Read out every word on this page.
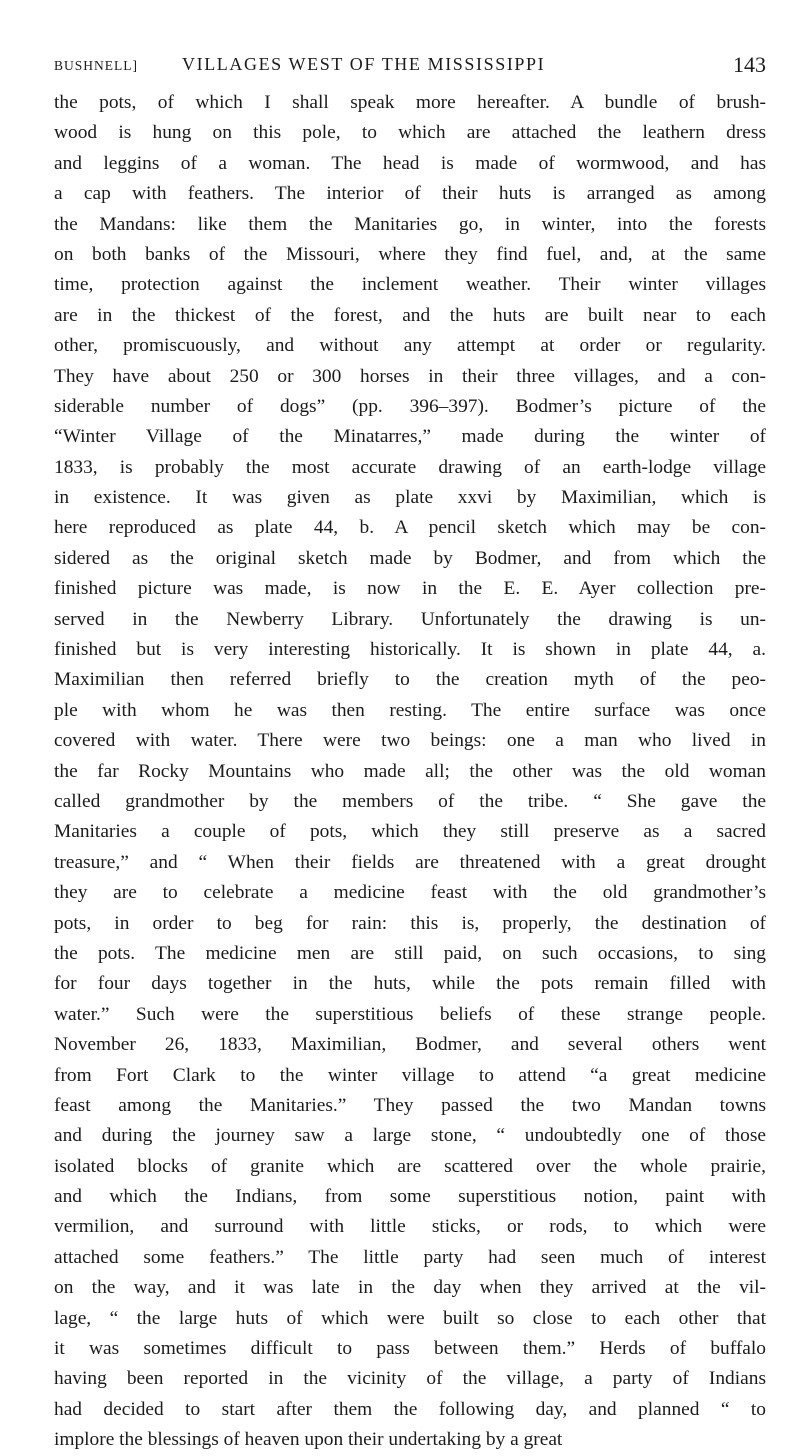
BUSHNELL] VILLAGES WEST OF THE MISSISSIPPI	143
the pots, of which I shall speak more hereafter. A bundle of brush-
wood is hung on this pole, to which are attached the leathern dress
and leggins of a woman. The head is made of wormwood, and has
a cap with feathers. The interior of their huts is arranged as among
the Mandans: like them the Manitaries go, in winter, into the forests
on both banks of the Missouri, where they find fuel, and, at the same
time, protection against the inclement weather. Their winter villages
are in the thickest of the forest, and the huts are built near to each
other, promiscuously, and without any attempt at order or regularity.
They have about 250 or 300 horses in their three villages, and a con-
siderable number of dogs” (pp. 396–397). Bodmer’s picture of the
“Winter Village of the Minatarres,” made during the winter of
1833, is probably the most accurate drawing of an earth-lodge village
in existence. It was given as plate xxvi by Maximilian, which is
here reproduced as plate 44, b. A pencil sketch which may be con-
sidered as the original sketch made by Bodmer, and from which the
finished picture was made, is now in the E. E. Ayer collection pre-
served in the Newberry Library. Unfortunately the drawing is un-
finished but is very interesting historically. It is shown in plate 44, a.
Maximilian then referred briefly to the creation myth of the peo-
ple with whom he was then resting. The entire surface was once
covered with water. There were two beings: one a man who lived in
the far Rocky Mountains who made all; the other was the old woman
called grandmother by the members of the tribe. “ She gave the
Manitaries a couple of pots, which they still preserve as a sacred
treasure,” and “ When their fields are threatened with a great drought
they are to celebrate a medicine feast with the old grandmother’s
pots, in order to beg for rain: this is, properly, the destination of
the pots. The medicine men are still paid, on such occasions, to sing
for four days together in the huts, while the pots remain filled with
water.” Such were the superstitious beliefs of these strange people.
November 26, 1833, Maximilian, Bodmer, and several others went
from Fort Clark to the winter village to attend “a great medicine
feast among the Manitaries.” They passed the two Mandan towns
and during the journey saw a large stone, “ undoubtedly one of those
isolated blocks of granite which are scattered over the whole prairie,
and which the Indians, from some superstitious notion, paint with
vermilion, and surround with little sticks, or rods, to which were
attached some feathers.” The little party had seen much of interest
on the way, and it was late in the day when they arrived at the vil-
lage, “ the large huts of which were built so close to each other that
it was sometimes difficult to pass between them.” Herds of buffalo
having been reported in the vicinity of the village, a party of Indians
had decided to start after them the following day, and planned “ to
implore the blessings of heaven upon their undertaking by a great
